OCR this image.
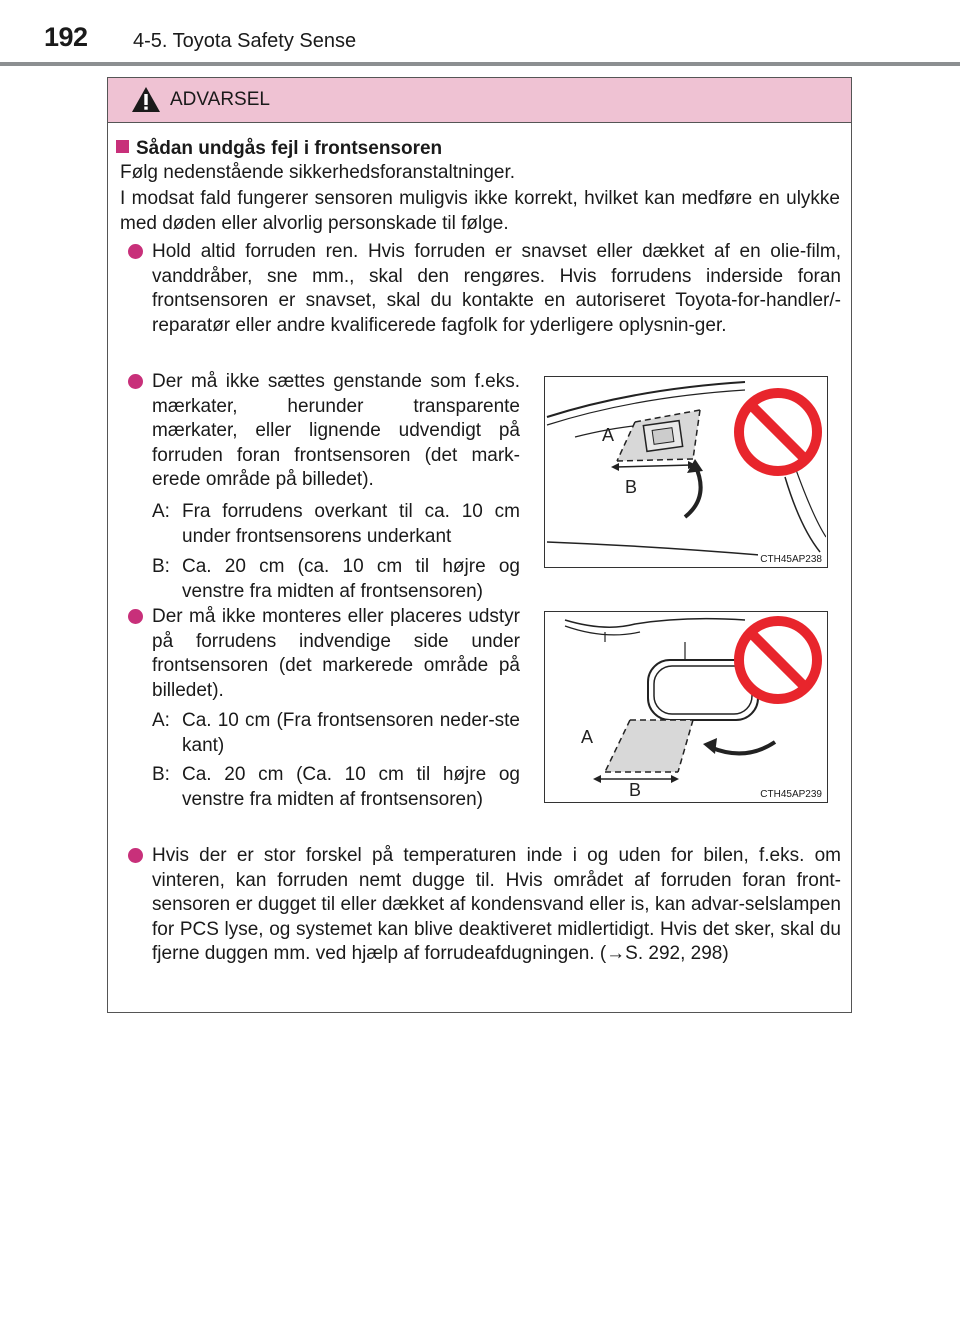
192 4-5. Toyota Safety Sense
ADVARSEL
Sådan undgås fejl i frontsensoren
Følg nedenstående sikkerhedsforanstaltninger.
I modsat fald fungerer sensoren muligvis ikke korrekt, hvilket kan medføre en ulykke med døden eller alvorlig personskade til følge.
Hold altid forruden ren. Hvis forruden er snavset eller dækket af en olie-film, vanddråber, sne mm., skal den rengøres. Hvis forrudens inderside foran frontsensoren er snavset, skal du kontakte en autoriseret Toyota-for-handler/-reparatør eller andre kvalificerede fagfolk for yderligere oplysnin-ger.
Der må ikke sættes genstande som f.eks. mærkater, herunder transparente mærkater, eller lignende udvendigt på forruden foran frontsensoren (det mark-erede område på billedet).
A: Fra forrudens overkant til ca. 10 cm under frontsensorens underkant
B: Ca. 20 cm (ca. 10 cm til højre og venstre fra midten af frontsensoren)
Der må ikke monteres eller placeres udstyr på forrudens indvendige side under frontsensoren (det markerede område på billedet).
A: Ca. 10 cm (Fra frontsensoren neder-ste kant)
B: Ca. 20 cm (Ca. 10 cm til højre og venstre fra midten af frontsensoren)
Hvis der er stor forskel på temperaturen inde i og uden for bilen, f.eks. om vinteren, kan forruden nemt dugge til. Hvis området af forruden foran front-sensoren er dugget til eller dækket af kondensvand eller is, kan advar-selslampen for PCS lyse, og systemet kan blive deaktiveret midlertidigt. Hvis det sker, skal du fjerne duggen mm. ved hjælp af forrudeafdugningen. (→S. 292, 298)
A
B
CTH45AP238
A
B	CTH45AP239
